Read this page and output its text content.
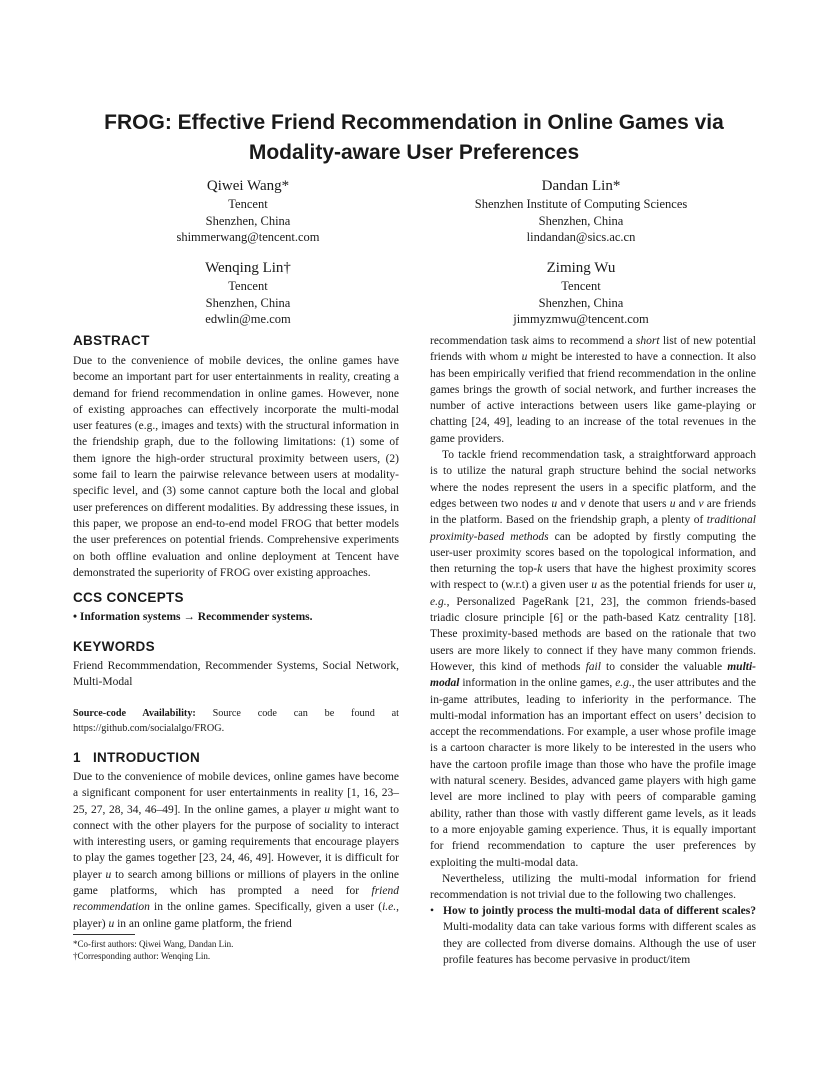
FROG: Effective Friend Recommendation in Online Games via
Modality-aware User Preferences
Qiwei Wang*
Tencent
Shenzhen, China
shimmerwang@tencent.com
Dandan Lin*
Shenzhen Institute of Computing Sciences
Shenzhen, China
lindandan@sics.ac.cn
Wenqing Lin†
Tencent
Shenzhen, China
edwlin@me.com
Ziming Wu
Tencent
Shenzhen, China
jimmyzmwu@tencent.com
ABSTRACT
Due to the convenience of mobile devices, the online games have become an important part for user entertainments in reality, creating a demand for friend recommendation in online games. However, none of existing approaches can effectively incorporate the multi-modal user features (e.g., images and texts) with the structural information in the friendship graph, due to the following limitations: (1) some of them ignore the high-order structural proximity between users, (2) some fail to learn the pairwise relevance between users at modality-specific level, and (3) some cannot capture both the local and global user preferences on different modalities. By addressing these issues, in this paper, we propose an end-to-end model FROG that better models the user preferences on potential friends. Comprehensive experiments on both offline evaluation and online deployment at Tencent have demonstrated the superiority of FROG over existing approaches.
CCS CONCEPTS
• Information systems → Recommender systems.
KEYWORDS
Friend Recommmendation, Recommender Systems, Social Network, Multi-Modal
Source-code Availability: Source code can be found at https://github.com/socialalgo/FROG.
1 INTRODUCTION
Due to the convenience of mobile devices, online games have become a significant component for user entertainments in reality [1, 16, 23–25, 27, 28, 34, 46–49]. In the online games, a player u might want to connect with the other players for the purpose of sociality to interact with interesting users, or gaming requirements that encourage players to play the games together [23, 24, 46, 49]. However, it is difficult for player u to search among billions or millions of players in the online game platforms, which has prompted a need for friend recommendation in the online games. Specifically, given a user (i.e., player) u in an online game platform, the friend
*Co-first authors: Qiwei Wang, Dandan Lin.
†Corresponding author: Wenqing Lin.
recommendation task aims to recommend a short list of new potential friends with whom u might be interested to have a connection. It also has been empirically verified that friend recommendation in the online games brings the growth of social network, and further increases the number of active interactions between users like game-playing or chatting [24, 49], leading to an increase of the total revenues in the game providers.
To tackle friend recommendation task, a straightforward approach is to utilize the natural graph structure behind the social networks where the nodes represent the users in a specific platform, and the edges between two nodes u and v denote that users u and v are friends in the platform. Based on the friendship graph, a plenty of traditional proximity-based methods can be adopted by firstly computing the user-user proximity scores based on the topological information, and then returning the top-k users that have the highest proximity scores with respect to (w.r.t) a given user u as the potential friends for user u, e.g., Personalized PageRank [21, 23], the common friends-based triadic closure principle [6] or the path-based Katz centrality [18]. These proximity-based methods are based on the rationale that two users are more likely to connect if they have many common friends. However, this kind of methods fail to consider the valuable multi-modal information in the online games, e.g., the user attributes and the in-game attributes, leading to inferiority in the performance. The multi-modal information has an important effect on users’ decision to accept the recommendations. For example, a user whose profile image is a cartoon character is more likely to be interested in the users who have the cartoon profile image than those who have the profile image with natural scenery. Besides, advanced game players with high game level are more inclined to play with peers of comparable gaming ability, rather than those with vastly different game levels, as it leads to a more enjoyable gaming experience. Thus, it is equally important for friend recommendation to capture the user preferences by exploiting the multi-modal data.
Nevertheless, utilizing the multi-modal information for friend recommendation is not trivial due to the following two challenges.
• How to jointly process the multi-modal data of different scales? Multi-modality data can take various forms with different scales as they are collected from diverse domains. Although the use of user profile features has become pervasive in product/item
